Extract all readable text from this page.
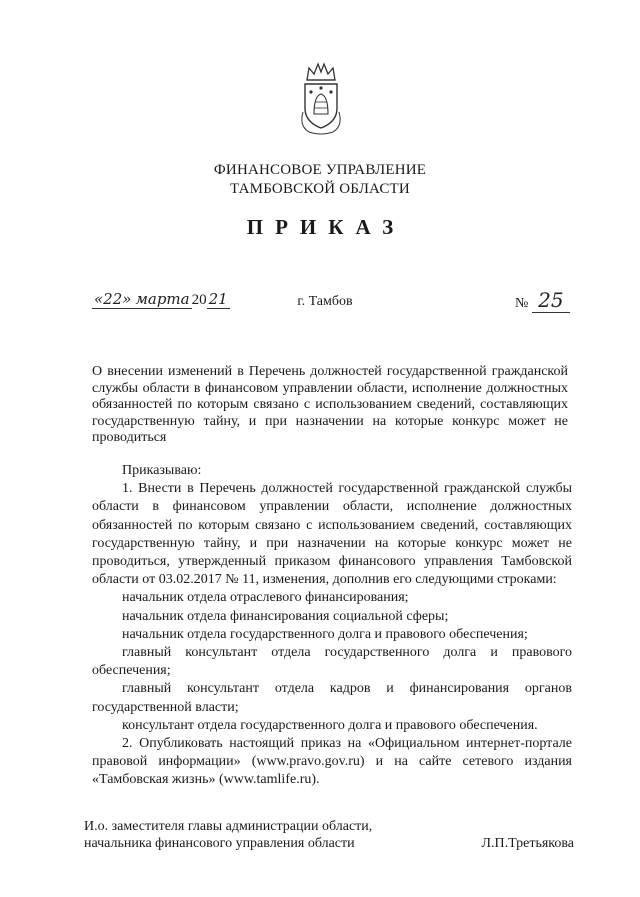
ФИНАНСОВОЕ УПРАВЛЕНИЕ
ТАМБОВСКОЙ ОБЛАСТИ
ПРИКАЗ
«22» марта 20 21	г. Тамбов	№ 25
О внесении изменений в Перечень должностей государственной гражданской службы области в финансовом управлении области, исполнение должностных обязанностей по которым связано с использованием сведений, составляющих государственную тайну, и при назначении на которые конкурс может не проводиться

Приказываю:

1. Внести в Перечень должностей государственной гражданской службы области в финансовом управлении области, исполнение должностных обязанностей по которым связано с использованием сведений, составляющих государственную тайну, и при назначении на которые конкурс может не проводиться, утвержденный приказом финансового управления Тамбовской области от 03.02.2017 № 11, изменения, дополнив его следующими строками:

начальник отдела отраслевого финансирования;

начальник отдела финансирования социальной сферы;

начальник отдела государственного долга и правового обеспечения;

главный консультант отдела государственного долга и правового обеспечения;

главный консультант отдела кадров и финансирования органов государственной власти;

консультант отдела государственного долга и правового обеспечения.

2. Опубликовать настоящий приказ на «Официальном интернет-портале правовой информации» (www.pravo.gov.ru) и на сайте сетевого издания «Тамбовская жизнь» (www.tamlife.ru).

И.о. заместителя главы администрации области,
начальника финансового управления области	Л.П.Третьякова
